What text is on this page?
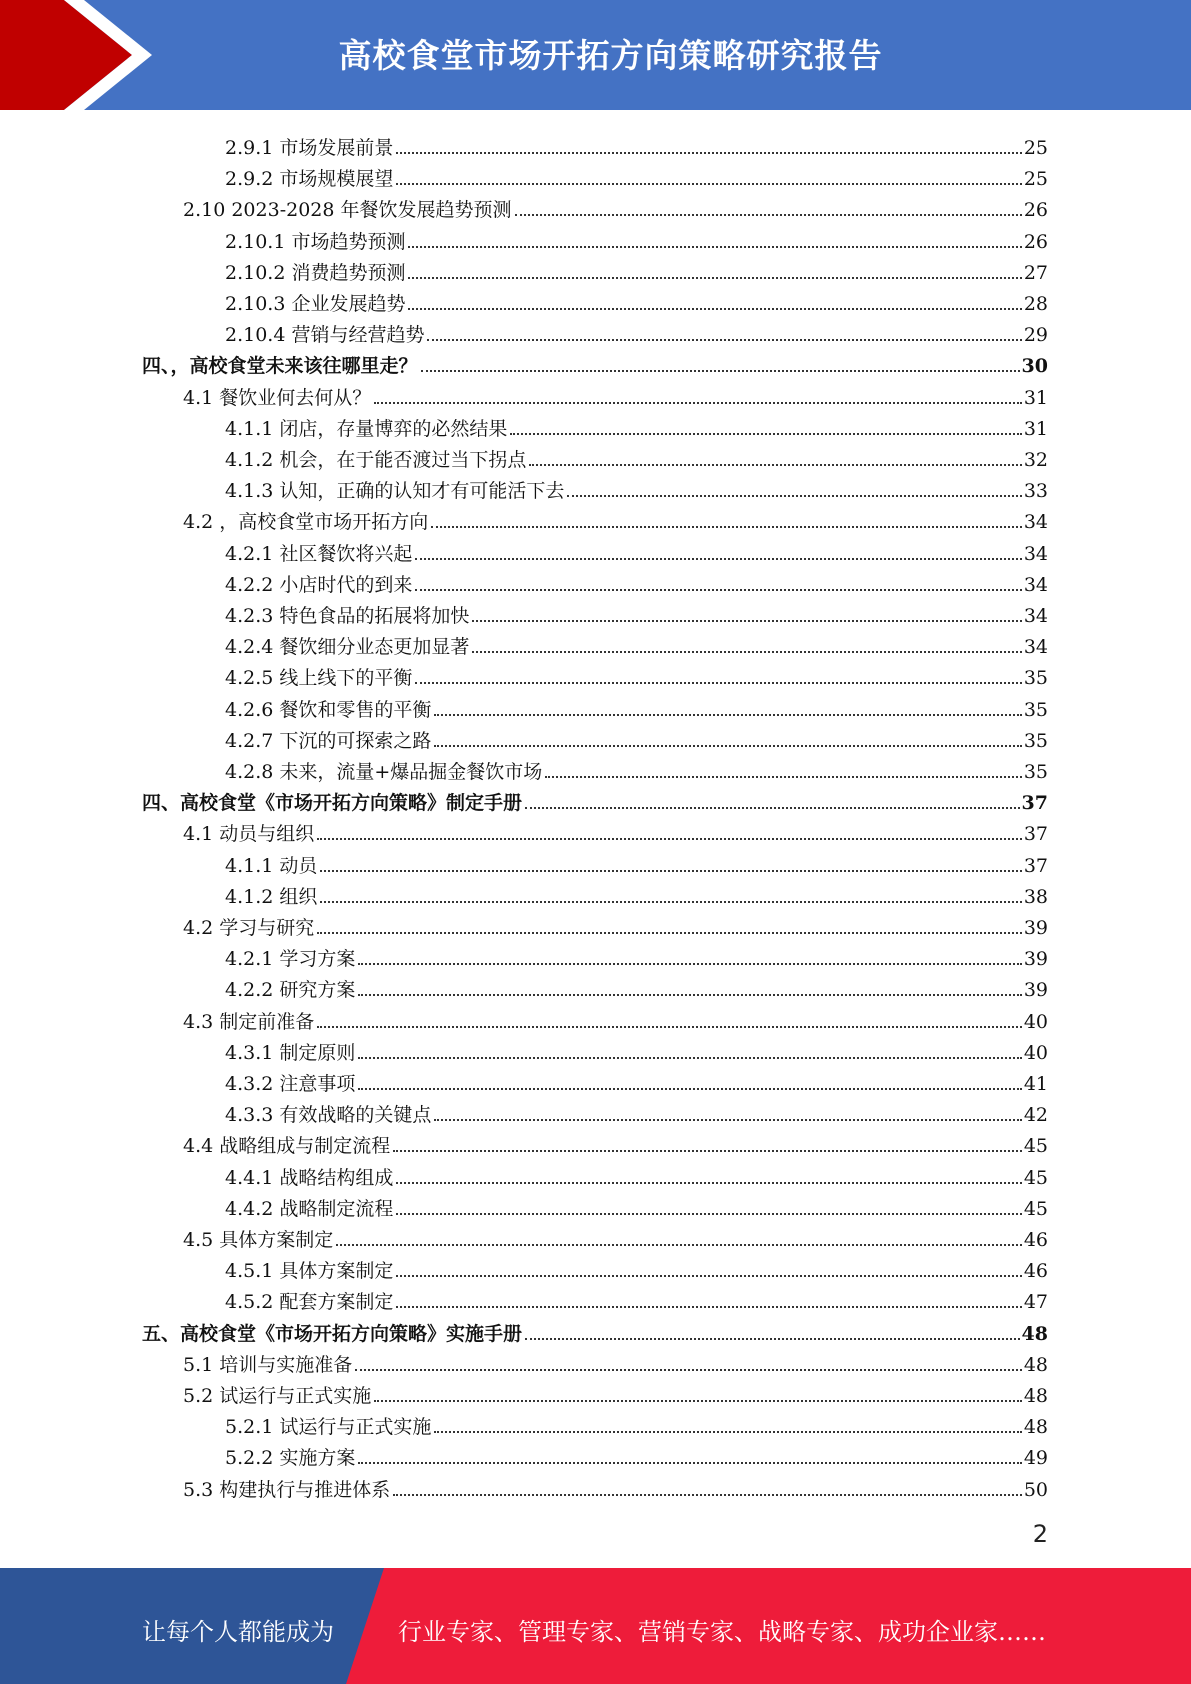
高校食堂市场开拓方向策略研究报告
2.9.1 市场发展前景	25
2.9.2 市场规模展望	25
2.10 2023-2028 年餐饮发展趋势预测	26
2.10.1 市场趋势预测	26
2.10.2 消费趋势预测	27
2.10.3 企业发展趋势	28
2.10.4 营销与经营趋势	29
四、，高校食堂未来该往哪里走？	30
4.1 餐饮业何去何从？	31
4.1.1 闭店，存量博弈的必然结果	31
4.1.2 机会，在于能否渡过当下拐点	32
4.1.3 认知，正确的认知才有可能活下去	33
4.2 ，高校食堂市场开拓方向	34
4.2.1 社区餐饮将兴起	34
4.2.2 小店时代的到来	34
4.2.3 特色食品的拓展将加快	34
4.2.4 餐饮细分业态更加显著	34
4.2.5 线上线下的平衡	35
4.2.6 餐饮和零售的平衡	35
4.2.7 下沉的可探索之路	35
4.2.8 未来，流量+爆品掘金餐饮市场	35
四、高校食堂《市场开拓方向策略》制定手册	37
4.1 动员与组织	37
4.1.1 动员	37
4.1.2 组织	38
4.2 学习与研究	39
4.2.1 学习方案	39
4.2.2 研究方案	39
4.3 制定前准备	40
4.3.1 制定原则	40
4.3.2 注意事项	41
4.3.3 有效战略的关键点	42
4.4 战略组成与制定流程	45
4.4.1 战略结构组成	45
4.4.2 战略制定流程	45
4.5 具体方案制定	46
4.5.1 具体方案制定	46
4.5.2 配套方案制定	47
五、高校食堂《市场开拓方向策略》实施手册	48
5.1 培训与实施准备	48
5.2 试运行与正式实施	48
5.2.1 试运行与正式实施	48
5.2.2 实施方案	49
5.3 构建执行与推进体系	50
2
让每个人都能成为	行业专家、管理专家、营销专家、战略专家、成功企业家……
